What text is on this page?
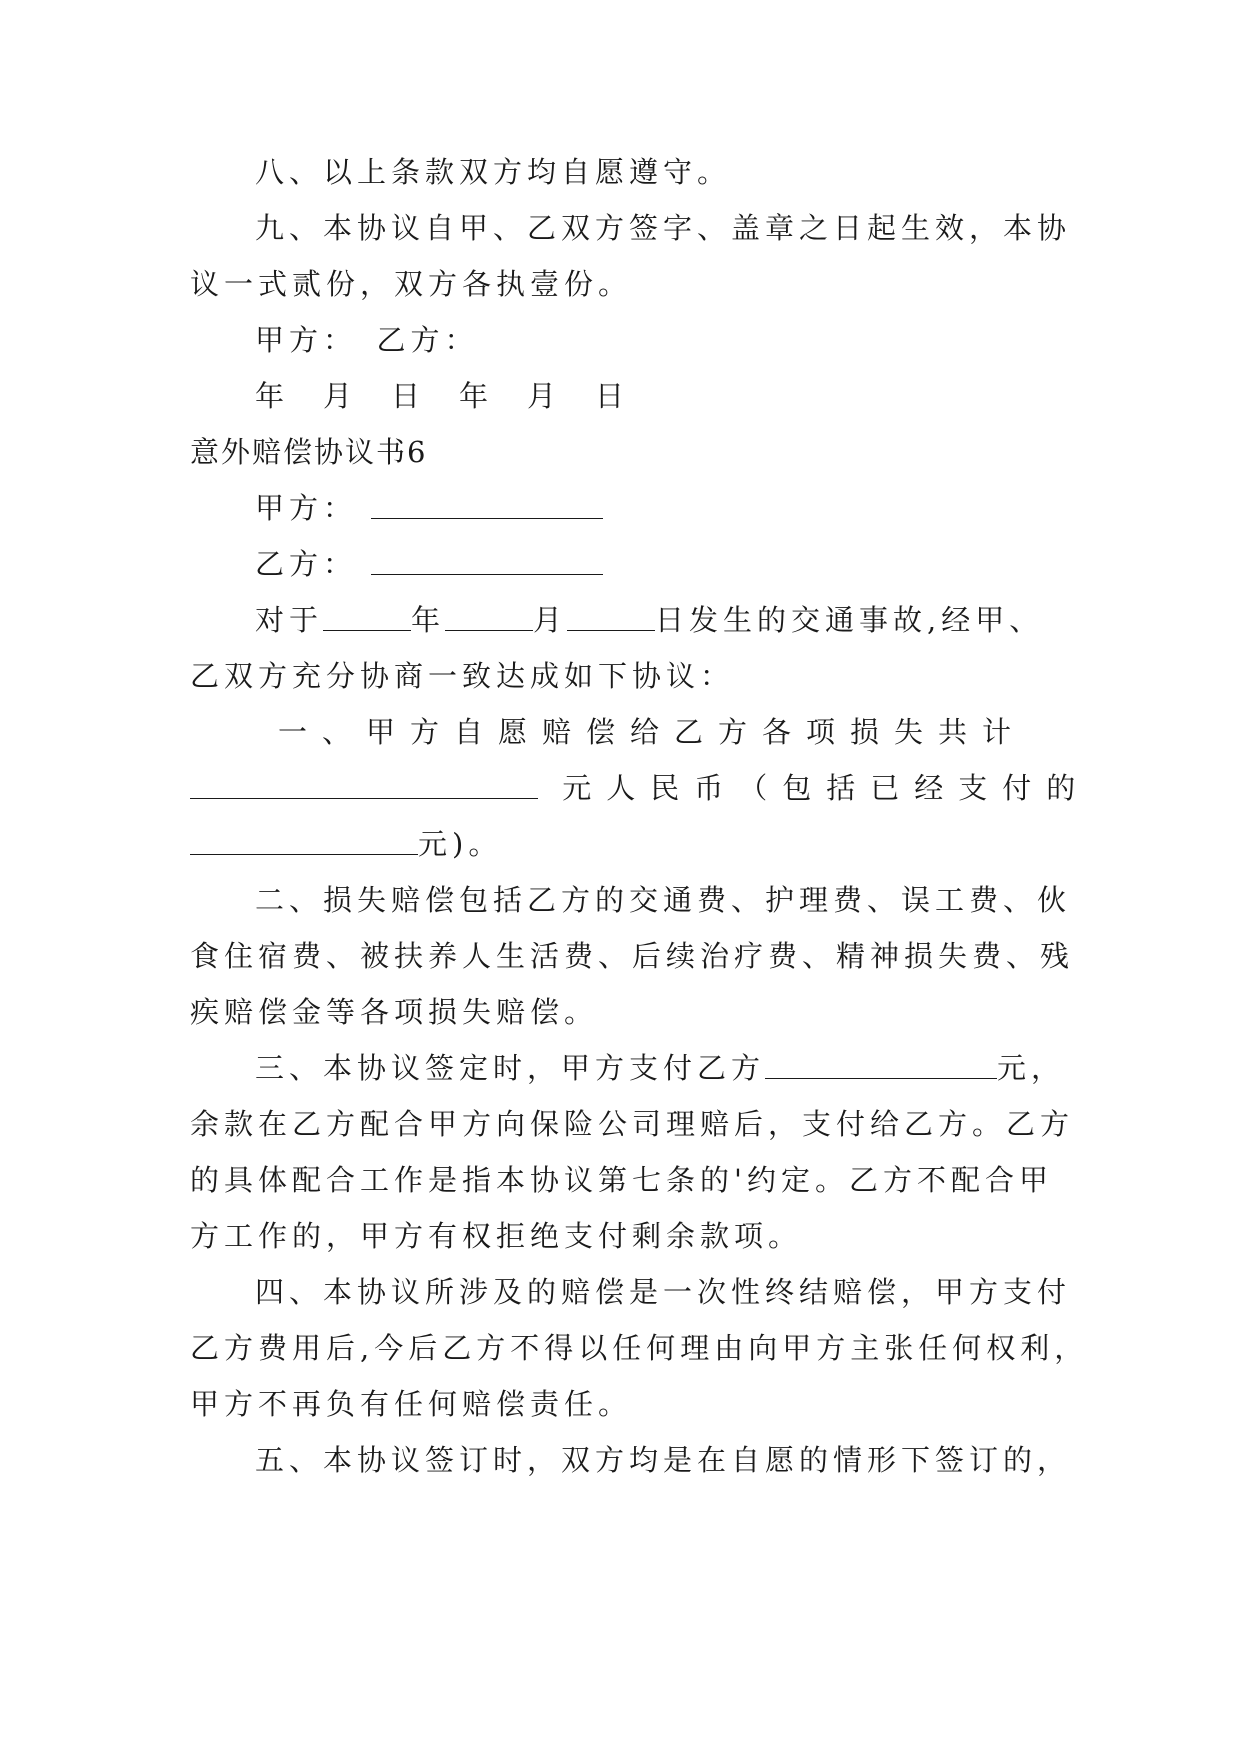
八、以上条款双方均自愿遵守。
九、本协议自甲、乙双方签字、盖章之日起生效，本协
议一式贰份，双方各执壹份。
甲方：　乙方：
年　月　日　年　月　日
意外赔偿协议书6
甲方：
乙方：
对于	年	月	日发生的交通事故,经甲、
乙双方充分协商一致达成如下协议：
一、甲方自愿赔偿给乙方各项损失共计
元人民币（包括已经支付的
元)。
二、损失赔偿包括乙方的交通费、护理费、误工费、伙
食住宿费、被扶养人生活费、后续治疗费、精神损失费、残
疾赔偿金等各项损失赔偿。
三、本协议签定时，甲方支付乙方	元，
余款在乙方配合甲方向保险公司理赔后，支付给乙方。乙方
的具体配合工作是指本协议第七条的'约定。乙方不配合甲
方工作的，甲方有权拒绝支付剩余款项。
四、本协议所涉及的赔偿是一次性终结赔偿，甲方支付
乙方费用后,今后乙方不得以任何理由向甲方主张任何权利，
甲方不再负有任何赔偿责任。
五、本协议签订时，双方均是在自愿的情形下签订的，
